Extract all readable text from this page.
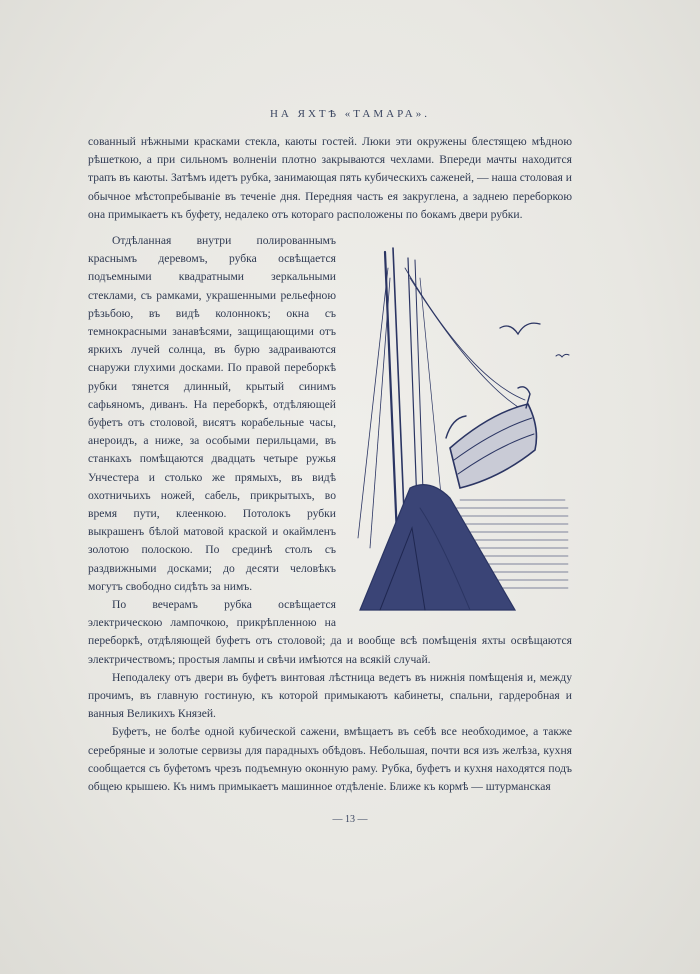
НА ЯХТѢ «ТАМАРА».

сованный нѣжными красками стекла, каюты гостей. Люки эти окружены блестящею мѣдною рѣшеткою, а при сильномъ волненіи плотно закрываются чехлами. Впереди мачты находится трапъ въ каюты. Затѣмъ идетъ рубка, занимающая пять кубическихъ саженей, — наша столовая и обычное мѣстопребываніе въ теченіе дня. Передняя часть ея закруглена, а заднею переборкою она примыкаетъ къ буфету, недалеко отъ котораго расположены по бокамъ двери рубки.

Отдѣланная внутри полированнымъ краснымъ деревомъ, рубка освѣщается подъемными квадратными зеркальными стеклами, съ рамками, украшенными рельефною рѣзьбою, въ видѣ колоннокъ; окна съ темнокрасными занавѣсями, защищающими отъ яркихъ лучей солнца, въ бурю задраиваются снаружи глухими досками. По правой переборкѣ рубки тянется длинный, крытый синимъ сафьяномъ, диванъ. На переборкѣ, отдѣляющей буфетъ отъ столовой, висятъ корабельные часы, анероидъ, а ниже, за особыми перильцами, въ станкахъ помѣщаются двадцать четыре ружья Унчестера и столько же прямыхъ, въ видѣ охотничьихъ ножей, сабель, прикрытыхъ, во время пути, клеенкою. Потолокъ рубки выкрашенъ бѣлой матовой краской и окаймленъ золотою полоскою. По срединѣ столъ съ раздвижными досками; до десяти человѣкъ могутъ свободно сидѣть за нимъ.

По вечерамъ рубка освѣщается электрическою лампочкою, прикрѣпленною на переборкѣ, отдѣляющей буфетъ отъ столовой; да и вообще всѣ помѣщенія яхты освѣщаются электричествомъ; простыя лампы и свѣчи имѣются на всякій случай.

Неподалеку отъ двери въ буфетъ винтовая лѣстница ведетъ въ нижнія помѣщенія и, между прочимъ, въ главную гостиную, къ которой примыкаютъ кабинеты, спальни, гардеробная и ванныя Великихъ Князей.

Буфетъ, не болѣе одной кубической сажени, вмѣщаетъ въ себѣ все необходимое, а также серебряные и золотые сервизы для парадныхъ обѣдовъ. Небольшая, почти вся изъ желѣза, кухня сообщается съ буфетомъ чрезъ подъемную оконную раму. Рубка, буфетъ и кухня находятся подъ общею крышею. Къ нимъ примыкаетъ машинное отдѣленіе. Ближе къ кормѣ — штурманская

— 13 —
